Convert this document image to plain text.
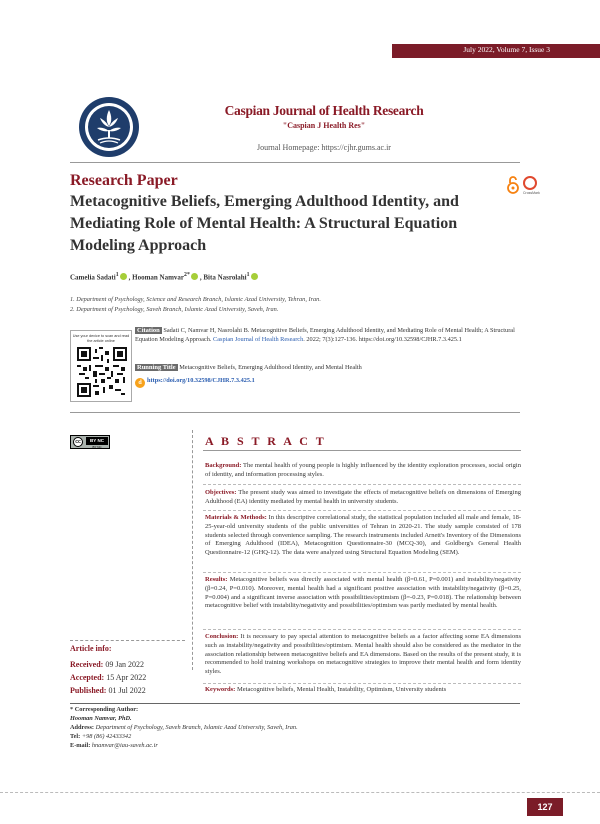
July 2022, Volume 7, Issue 3
Caspian Journal of Health Research
"Caspian J Health Res"
Journal Homepage: https://cjhr.gums.ac.ir
Research Paper
Metacognitive Beliefs, Emerging Adulthood Identity, and Mediating Role of Mental Health: A Structural Equation Modeling Approach
CrossMark
Camelia Sadati$^1$ , Hooman Namvar$^{2*}$ , Bita Nasrolahi$^1$
1. Department of Psychology, Science and Research Branch, Islamic Azad University, Tehran, Iran.
2. Department of Psychology, Saveh Branch, Islamic Azad University, Saveh, Iran.
Use your device to scan and read the article online
Citation Sadati C, Namvar H, Nasrolahi B. Metacognitive Beliefs, Emerging Adulthood Identity, and Mediating Role of Mental Health; A Structural Equation Modeling Approach. Caspian Journal of Health Research. 2022; 7(3):127-136. https://doi.org/10.32598/CJHR.7.3.425.1
Running Title Metacognitive Beliefs, Emerging Adulthood Identity, and Mental Health
d https://doi.org/10.32598/CJHR.7.3.425.1
cc	BY NC
BY NC	A B S T R A C T
Background: The mental health of young people is highly influenced by the identity exploration processes, social origin of identity, and information processing styles.
Objectives: The present study was aimed to investigate the effects of metacognitive beliefs on dimensions of Emerging Adulthood (EA) identity mediated by mental health in university students.
Materials & Methods: In this descriptive correlational study, the statistical population included all male and female, 18-25-year-old university students of the public universities of Tehran in 2020-21. The study sample consisted of 178 students selected through convenience sampling. The research instruments included Arnett's Inventory of the Dimensions of Emerging Adulthood (IDEA), Metacognition Questionnaire-30 (MCQ-30), and Goldberg's General Health Questionnaire-12 (GHQ-12). The data were analyzed using Structural Equation Modeling (SEM).
Results: Metacognitive beliefs was directly associated with mental health (β=0.61, P=0.001) and instability/negativity (β=0.24, P=0.010). Moreover, mental health had a significant positive association with instability/negativity (β=0.25, P=0.004) and a significant inverse association with possibilities/optimism (β=-0.23, P=0.018). The relationship between metacognitive belief with instability/negativity and possibilities/optimism was partly mediated by mental health.
Conclusion: It is necessary to pay special attention to metacognitive beliefs as a factor affecting some EA dimensions such as instability/negativity and possibilities/optimism. Mental health should also be considered as the mediator in the association relationship between metacognitive beliefs and EA dimensions. Based on the results of the present study, it is recommended to hold training workshops on metacognitive strategies to improve their mental health and form identity styles.
Keywords: Metacognitive beliefs, Mental Health, Instability, Optimism, University students
Article info:
Received: 09 Jan 2022
Accepted: 15 Apr 2022
Published: 01 Jul 2022
* Corresponding Author:
Hooman Namvar, PhD.
Address: Department of Psychology, Saveh Branch, Islamic Azad University, Saveh, Iran.
Tel: +98 (86) 42433342
E-mail: hnamvar@iau-saveh.ac.ir
127
